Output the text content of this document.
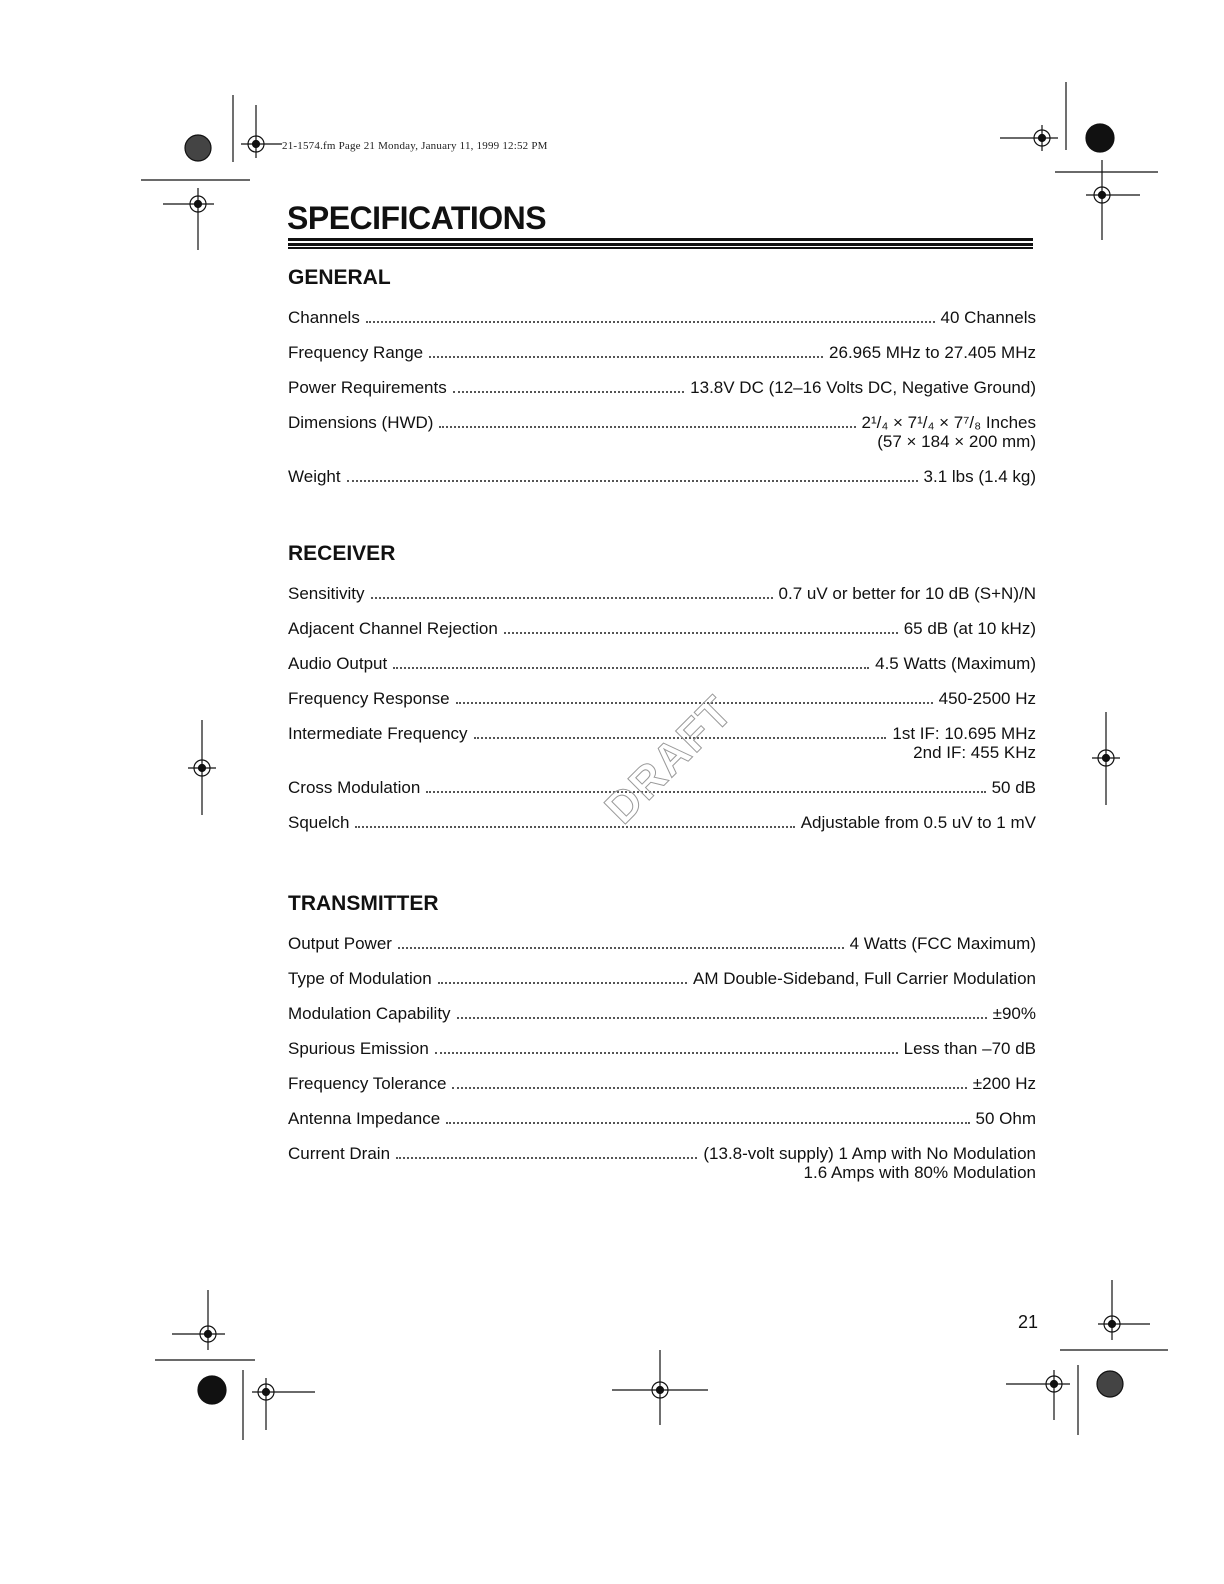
21-1574.fm Page 21 Monday, January 11, 1999 12:52 PM
SPECIFICATIONS
GENERAL
Channels	40 Channels
Frequency Range	26.965 MHz to 27.405 MHz
Power Requirements	13.8V DC (12–16 Volts DC, Negative Ground)
Dimensions (HWD)	2¹/₄ × 7¹/₄ × 7⁷/₈ Inches
(57 × 184 × 200 mm)
Weight	3.1 lbs (1.4 kg)
RECEIVER
Sensitivity	0.7 uV or better for 10 dB (S+N)/N
Adjacent Channel Rejection	65 dB (at 10 kHz)
Audio Output	4.5 Watts (Maximum)
Frequency Response	450-2500 Hz
Intermediate Frequency	1st IF: 10.695 MHz
2nd IF: 455 KHz
Cross Modulation	50 dB
Squelch	Adjustable from 0.5 uV to 1 mV
TRANSMITTER
Output Power	4 Watts (FCC Maximum)
Type of Modulation	AM Double-Sideband, Full Carrier Modulation
Modulation Capability	±90%
Spurious Emission	Less than –70 dB
Frequency Tolerance	±200 Hz
Antenna Impedance	50 Ohm
Current Drain	(13.8-volt supply) 1 Amp with No Modulation
1.6 Amps with 80% Modulation
DRAFT
21
